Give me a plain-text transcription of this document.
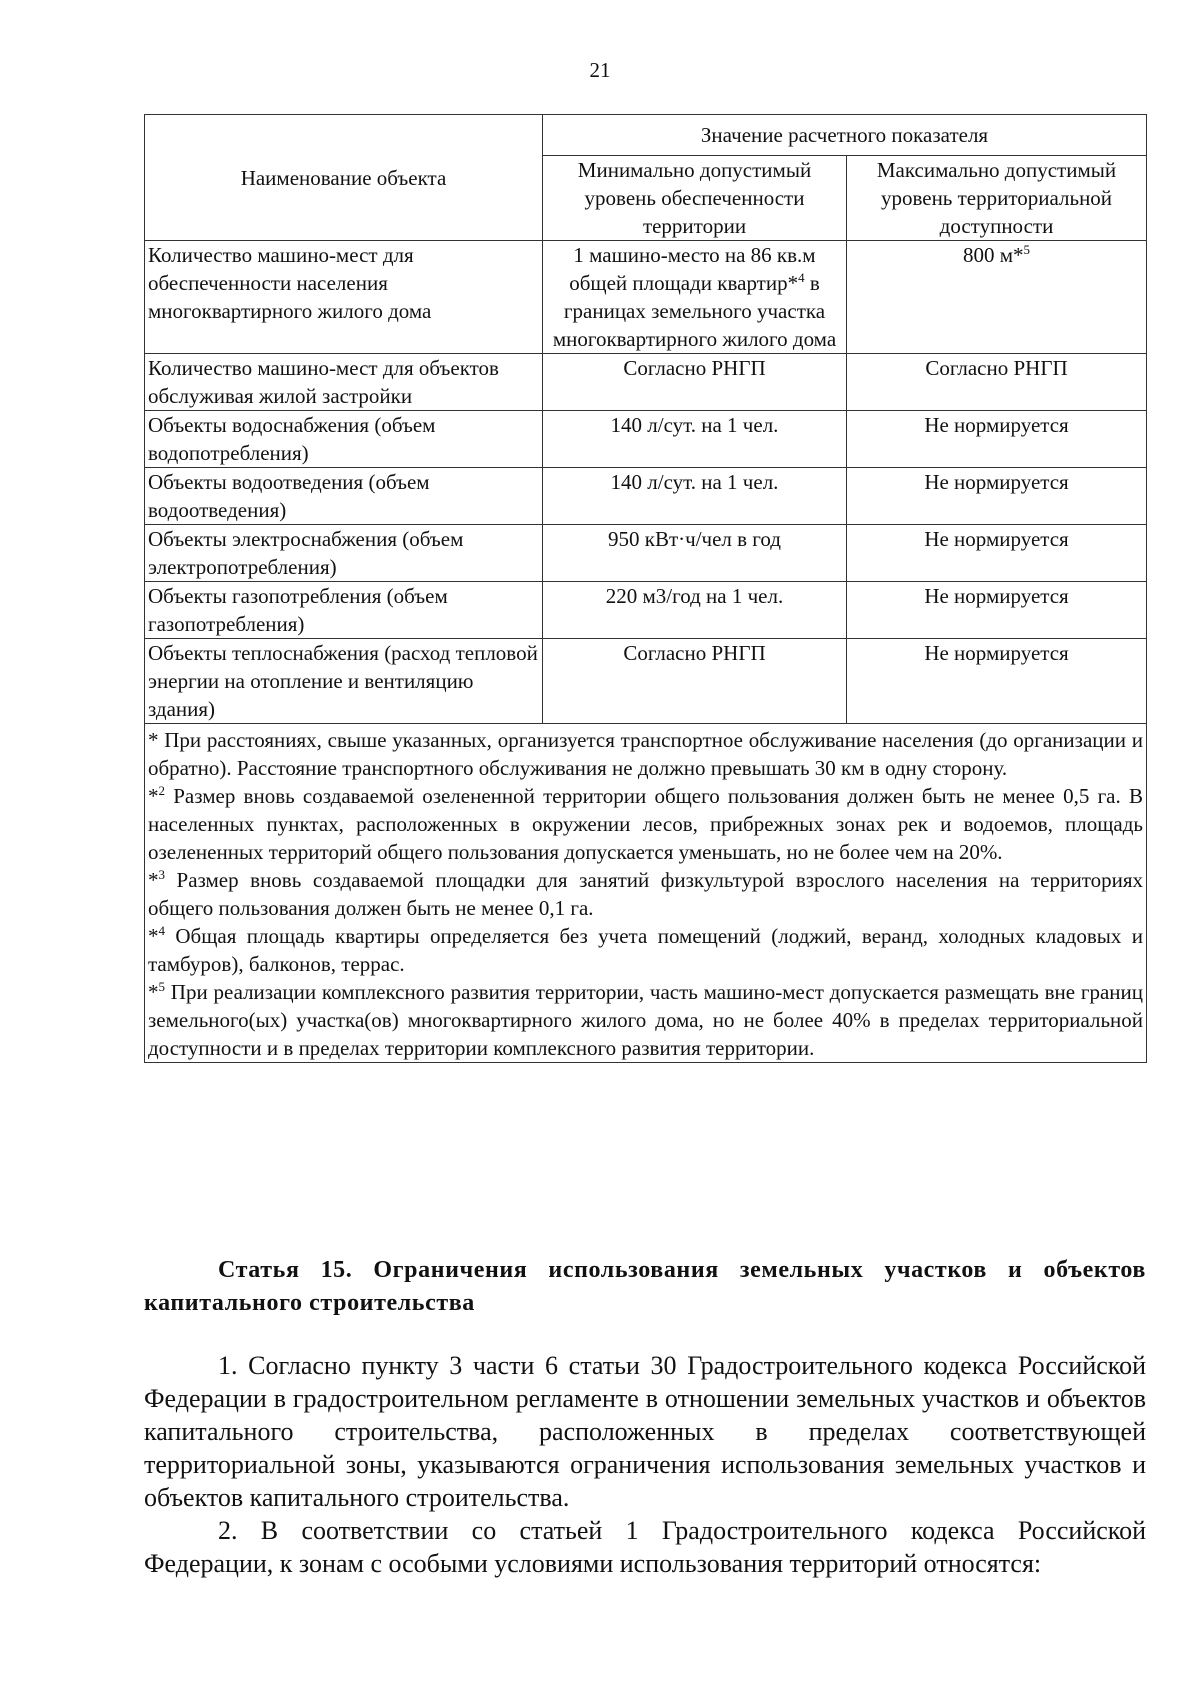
21
Наименование объекта	Значение расчетного показателя	
	Минимально допустимый уровень обеспеченности территории	Максимально допустимый уровень территориальной доступности
Количество машино-мест для обеспеченности населения многоквартирного жилого дома	1 машино-место на 86 кв.м общей площади квартир*$^4$ в границах земельного участка многоквартирного жилого дома	800 м*$^5$
Количество машино-мест для объектов обслуживая жилой застройки	Согласно РНГП	Согласно РНГП
Объекты водоснабжения (объем водопотребления)	140 л/сут. на 1 чел.	Не нормируется
Объекты водоотведения (объем водоотведения)	140 л/сут. на 1 чел.	Не нормируется
Объекты электроснабжения (объем электропотребления)	950 кВт·ч/чел в год	Не нормируется
Объекты газопотребления (объем газопотребления)	220 м3/год на 1 чел.	Не нормируется
Объекты теплоснабжения (расход тепловой энергии на отопление и вентиляцию здания)	Согласно РНГП	Не нормируется

* При расстояниях, свыше указанных, организуется транспортное обслуживание населения (до организации и обратно). Расстояние транспортного обслуживания не должно превышать 30 км в одну сторону.

*$^2$ Размер вновь создаваемой озелененной территории общего пользования должен быть не менее 0,5 га. В населенных пунктах, расположенных в окружении лесов, прибрежных зонах рек и водоемов, площадь озелененных территорий общего пользования допускается уменьшать, но не более чем на 20%.

*$^3$ Размер вновь создаваемой площадки для занятий физкультурой взрослого населения на территориях общего пользования должен быть не менее 0,1 га.

*$^4$ Общая площадь квартиры определяется без учета помещений (лоджий, веранд, холодных кладовых и тамбуров), балконов, террас.

*$^5$ При реализации комплексного развития территории, часть машино-мест допускается размещать вне границ земельного(ых) участка(ов) многоквартирного жилого дома, но не более 40% в пределах территориальной доступности и в пределах территории комплексного развития территории.		

Статья 15. Ограничения использования земельных участков и объектов капитального строительства

1. Согласно пункту 3 части 6 статьи 30 Градостроительного кодекса Российской Федерации в градостроительном регламенте в отношении земельных участков и объектов капитального строительства, расположенных в пределах соответствующей территориальной зоны, указываются ограничения использования земельных участков и объектов капитального строительства.

2. В соответствии со статьей 1 Градостроительного кодекса Российской Федерации, к зонам с особыми условиями использования территорий относятся:
